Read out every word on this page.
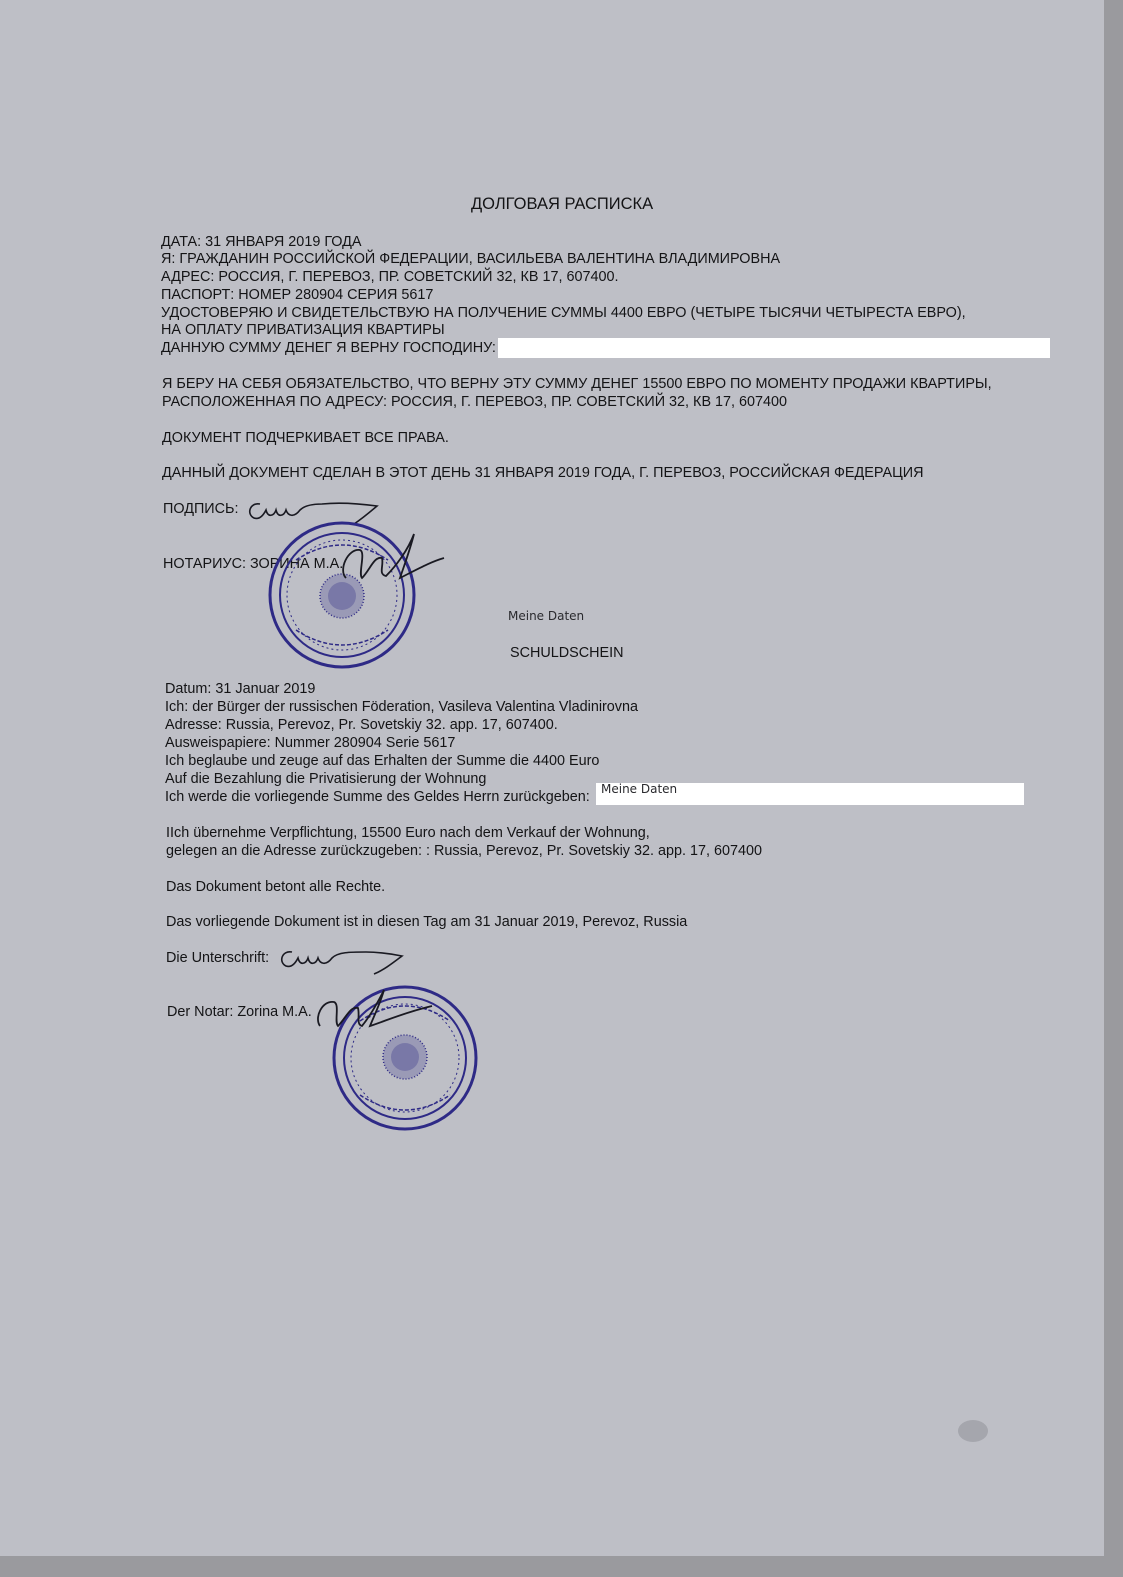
ДОЛГОВАЯ РАСПИСКА
ДАТА: 31 ЯНВАРЯ 2019 ГОДА
Я: ГРАЖДАНИН РОССИЙСКОЙ ФЕДЕРАЦИИ, ВАСИЛЬЕВА ВАЛЕНТИНА ВЛАДИМИРОВНА
АДРЕС: РОССИЯ, Г. ПЕРЕВОЗ, ПР. СОВЕТСКИЙ 32, КВ 17, 607400.
ПАСПОРТ: НОМЕР 280904 СЕРИЯ 5617
УДОСТОВЕРЯЮ И СВИДЕТЕЛЬСТВУЮ НА ПОЛУЧЕНИЕ СУММЫ 4400 ЕВРО (ЧЕТЫРЕ ТЫСЯЧИ ЧЕТЫРЕСТА ЕВРО),
НА ОПЛАТУ ПРИВАТИЗАЦИЯ КВАРТИРЫ
ДАННУЮ СУММУ ДЕНЕГ Я ВЕРНУ ГОСПОДИНУ:
Я БЕРУ НА СЕБЯ ОБЯЗАТЕЛЬСТВО, ЧТО ВЕРНУ ЭТУ СУММУ ДЕНЕГ 15500 ЕВРО ПО МОМЕНТУ ПРОДАЖИ КВАРТИРЫ,
РАСПОЛОЖЕННАЯ ПО АДРЕСУ: РОССИЯ, Г. ПЕРЕВОЗ, ПР. СОВЕТСКИЙ 32, КВ 17, 607400
ДОКУМЕНТ ПОДЧЕРКИВАЕТ ВСЕ ПРАВА.
ДАННЫЙ ДОКУМЕНТ СДЕЛАН В ЭТОТ ДЕНЬ 31 ЯНВАРЯ 2019 ГОДА, Г. ПЕРЕВОЗ, РОССИЙСКАЯ ФЕДЕРАЦИЯ
ПОДПИСЬ:
НОТАРИУС: ЗОРИНА М.А.
Meine Daten
SCHULDSCHEIN
Datum: 31 Januar 2019
Ich: der Bürger der russischen Föderation, Vasileva Valentina Vladinirovna
Adresse: Russia, Perevoz, Pr. Sovetskiy 32. app. 17, 607400.
Ausweispapiere: Nummer 280904 Serie 5617
Ich beglaube und zeuge auf das Erhalten der Summe die 4400 Euro
Auf die Bezahlung die Privatisierung der Wohnung
Ich werde die vorliegende Summe des Geldes Herrn zurückgeben: Meine Daten
IIch übernehme Verpflichtung, 15500 Euro nach dem Verkauf der Wohnung,
gelegen an die Adresse zurückzugeben: : Russia, Perevoz, Pr. Sovetskiy 32. app. 17, 607400
Das Dokument betont alle Rechte.
Das vorliegende Dokument ist in diesen Tag am 31 Januar 2019, Perevoz, Russia
Die Unterschrift:
Der Notar: Zorina M.A.
